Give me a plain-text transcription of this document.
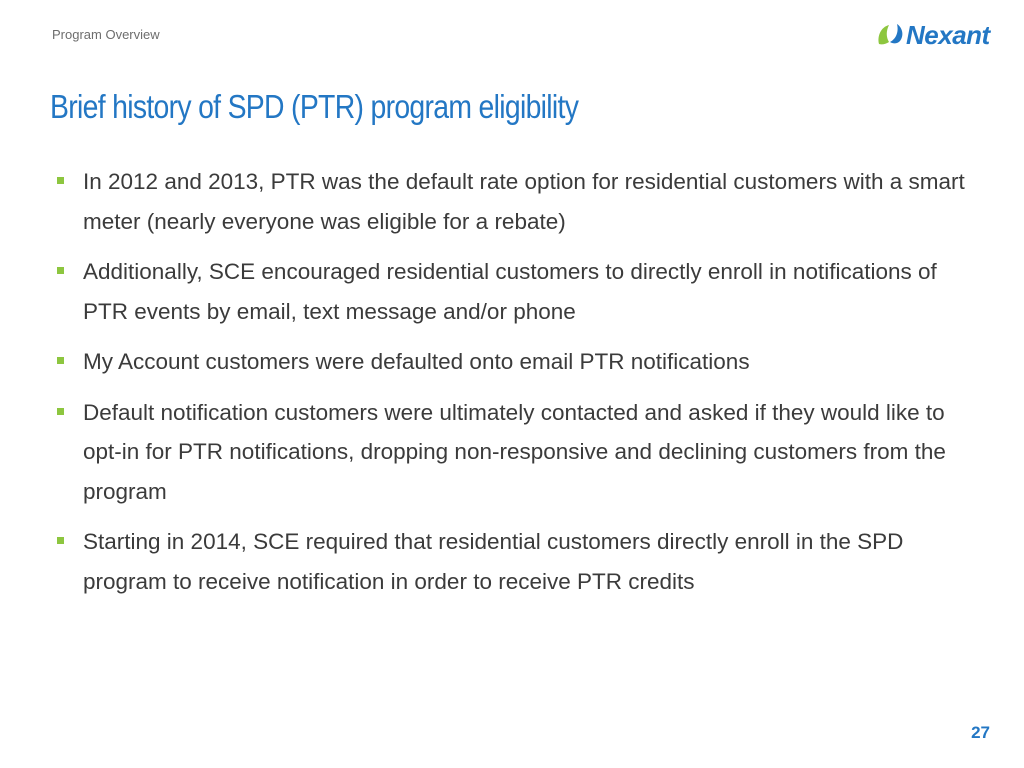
Program Overview	Nexant
Brief history of SPD (PTR) program eligibility
In 2012 and 2013, PTR was the default rate option for residential customers with a smart meter (nearly everyone was eligible for a rebate)
Additionally, SCE encouraged residential customers to directly enroll in notifications of PTR events by email, text message and/or phone
My Account customers were defaulted onto email PTR notifications
Default notification customers were ultimately contacted and asked if they would like to opt-in for PTR notifications, dropping non-responsive and declining customers from the program
Starting in 2014, SCE required that residential customers directly enroll in the SPD program to receive notification in order to receive PTR credits
27
